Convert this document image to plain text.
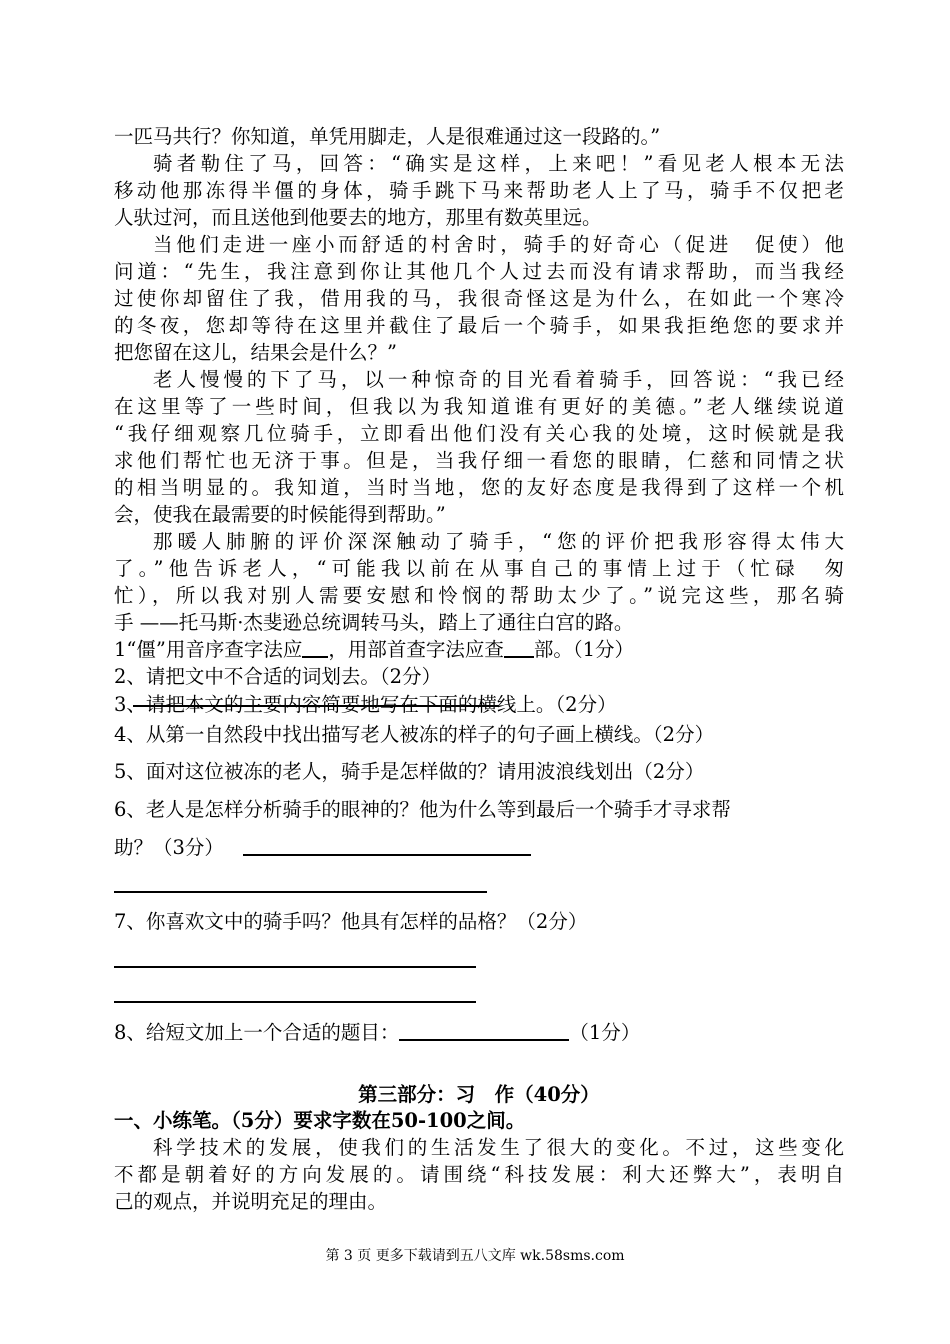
一匹马共行？你知道，单凭用脚走，人是很难通过这一段路的。”
骑者勒住了马，回答：“确实是这样，上来吧！”看见老人根本无法
移动他那冻得半僵的身体，骑手跳下马来帮助老人上了马，骑手不仅把老
人驮过河，而且送他到他要去的地方，那里有数英里远。
当他们走进一座小而舒适的村舍时，骑手的好奇心（促进　促使）他
问道：“先生，我注意到你让其他几个人过去而没有请求帮助，而当我经
过使你却留住了我，借用我的马，我很奇怪这是为什么，在如此一个寒冷
的冬夜，您却等待在这里并截住了最后一个骑手，如果我拒绝您的要求并
把您留在这儿，结果会是什么？”
老人慢慢的下了马，以一种惊奇的目光看着骑手，回答说：“我已经
在这里等了一些时间，但我以为我知道谁有更好的美德。”老人继续说道
“我仔细观察几位骑手，立即看出他们没有关心我的处境，这时候就是我
求他们帮忙也无济于事。但是，当我仔细一看您的眼睛，仁慈和同情之状
的相当明显的。我知道，当时当地，您的友好态度是我得到了这样一个机
会，使我在最需要的时候能得到帮助。”
那暖人肺腑的评价深深触动了骑手，“您的评价把我形容得太伟大
了。”他告诉老人，“可能我以前在从事自己的事情上过于（忙碌　匆
忙），所以我对别人需要安慰和怜悯的帮助太少了。”说完这些，那名骑
手 ——托马斯·杰斐逊总统调转马头，踏上了通往白宫的路。
1“僵”用音序查字法应 ，用部首查字法应查 部。（1分）
2、请把文中不合适的词划去。（2分）
3、请把本文的主要内容简要地写在下面的横线上。（2分）
4、从第一自然段中找出描写老人被冻的样子的句子画上横线。（2分）
5、面对这位被冻的老人，骑手是怎样做的？请用波浪线划出（2分）
6、老人是怎样分析骑手的眼神的？他为什么等到最后一个骑手才寻求帮
助？（3分）
7、你喜欢文中的骑手吗？他具有怎样的品格？（2分）
8、给短文加上一个合适的题目：	（1分）
第三部分：习　作（40分）
一、小练笔。（5分）要求字数在50-100之间。
科学技术的发展，使我们的生活发生了很大的变化。不过，这些变化
不都是朝着好的方向发展的。请围绕“科技发展：利大还弊大”，表明自
己的观点，并说明充足的理由。
第 3 页 更多下载请到五八文库 wk.58sms.com
